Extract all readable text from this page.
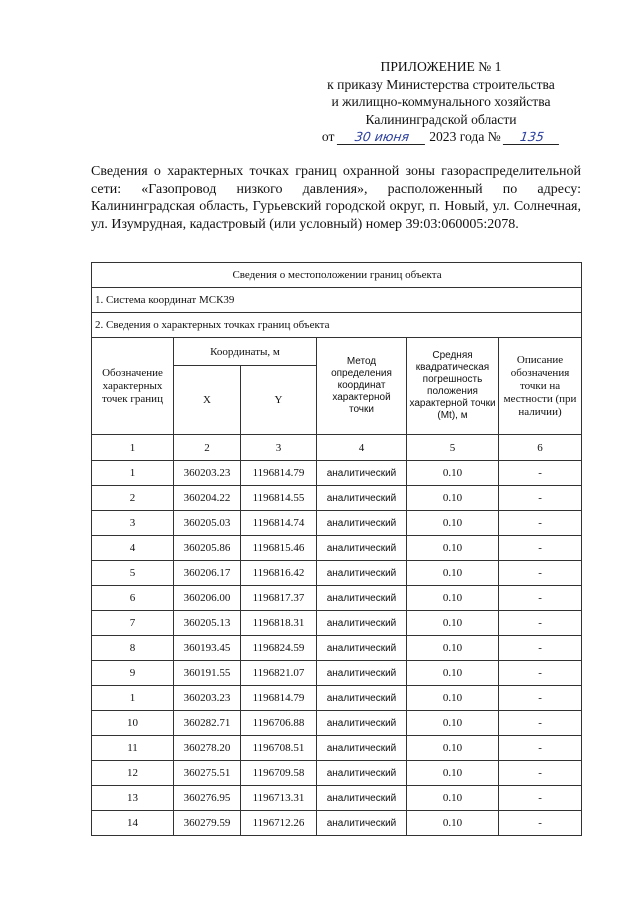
ПРИЛОЖЕНИЕ № 1
к приказу Министерства строительства
и жилищно-коммунального хозяйства
Калининградской области
от 30 июня 2023 года № 135
Сведения о характерных точках границ охранной зоны газораспределительной сети: «Газопровод низкого давления», расположенный по адресу: Калининградская область, Гурьевский городской округ, п. Новый, ул. Солнечная, ул. Изумрудная, кадастровый (или условный) номер 39:03:060005:2078.
Сведения о местоположении границ объекта					
1. Система координат МСК39					
2. Сведения о характерных точках границ объекта					
Обозначение характерных точек границ	Координаты, м		Метод определения координат характерной точки	Средняя квадратическая погрешность положения характерной точки (Mt), м	Описание обозначения точки на местности (при наличии)
	X	Y			
1	2	3	4	5	6
1	360203.23	1196814.79	аналитический	0.10	-
2	360204.22	1196814.55	аналитический	0.10	-
3	360205.03	1196814.74	аналитический	0.10	-
4	360205.86	1196815.46	аналитический	0.10	-
5	360206.17	1196816.42	аналитический	0.10	-
6	360206.00	1196817.37	аналитический	0.10	-
7	360205.13	1196818.31	аналитический	0.10	-
8	360193.45	1196824.59	аналитический	0.10	-
9	360191.55	1196821.07	аналитический	0.10	-
1	360203.23	1196814.79	аналитический	0.10	-
10	360282.71	1196706.88	аналитический	0.10	-
11	360278.20	1196708.51	аналитический	0.10	-
12	360275.51	1196709.58	аналитический	0.10	-
13	360276.95	1196713.31	аналитический	0.10	-
14	360279.59	1196712.26	аналитический	0.10	-
